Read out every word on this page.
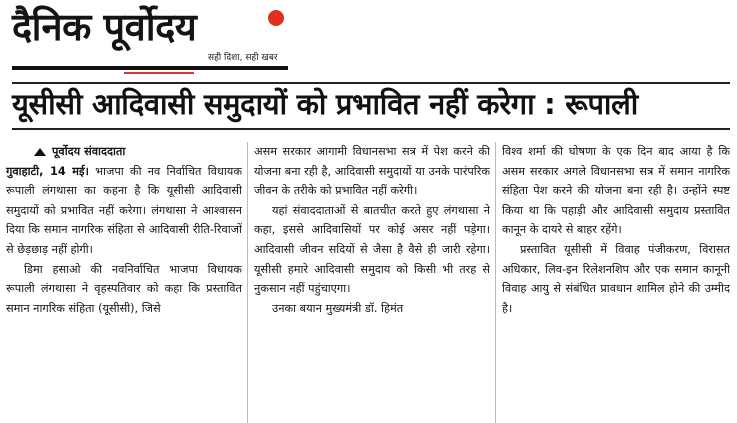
दैनिक पूर्वोदय
सही दिशा, सही खबर
यूसीसी आदिवासी समुदायों को प्रभावित नहीं करेगा : रूपाली
पूर्वोदय संवाददाता

गुवाहाटी, 14 मई। भाजपा की नव निर्वाचित विधायक रूपाली लंगथासा का कहना है कि यूसीसी आदिवासी समुदायों को प्रभावित नहीं करेगा। लंगथासा ने आश्वासन दिया कि समान नागरिक संहिता से आदिवासी रीति-रिवाजों से छेड़छाड़ नहीं होगी।

डिमा हसाओ की नवनिर्वाचित भाजपा विधायक रूपाली लंगथासा ने वृहस्पतिवार को कहा कि प्रस्तावित समान नागरिक संहिता (यूसीसी), जिसे

असम सरकार आगामी विधानसभा सत्र में पेश करने की योजना बना रही है, आदिवासी समुदायों या उनके पारंपरिक जीवन के तरीके को प्रभावित नहीं करेगी।

यहां संवाददाताओं से बातचीत करते हुए लंगथासा ने कहा, इससे आदिवासियों पर कोई असर नहीं पड़ेगा। आदिवासी जीवन सदियों से जैसा है वैसे ही जारी रहेगा। यूसीसी हमारे आदिवासी समुदाय को किसी भी तरह से नुकसान नहीं पहुंचाएगा।

उनका बयान मुख्यमंत्री डॉ. हिमंत

विश्व शर्मा की घोषणा के एक दिन बाद आया है कि असम सरकार अगले विधानसभा सत्र में समान नागरिक संहिता पेश करने की योजना बना रही है। उन्होंने स्पष्ट किया था कि पहाड़ी और आदिवासी समुदाय प्रस्तावित कानून के दायरे से बाहर रहेंगे।

प्रस्तावित यूसीसी में विवाह पंजीकरण, विरासत अधिकार, लिव-इन रिलेशनशिप और एक समान कानूनी विवाह आयु से संबंधित प्रावधान शामिल होने की उम्मीद है।
